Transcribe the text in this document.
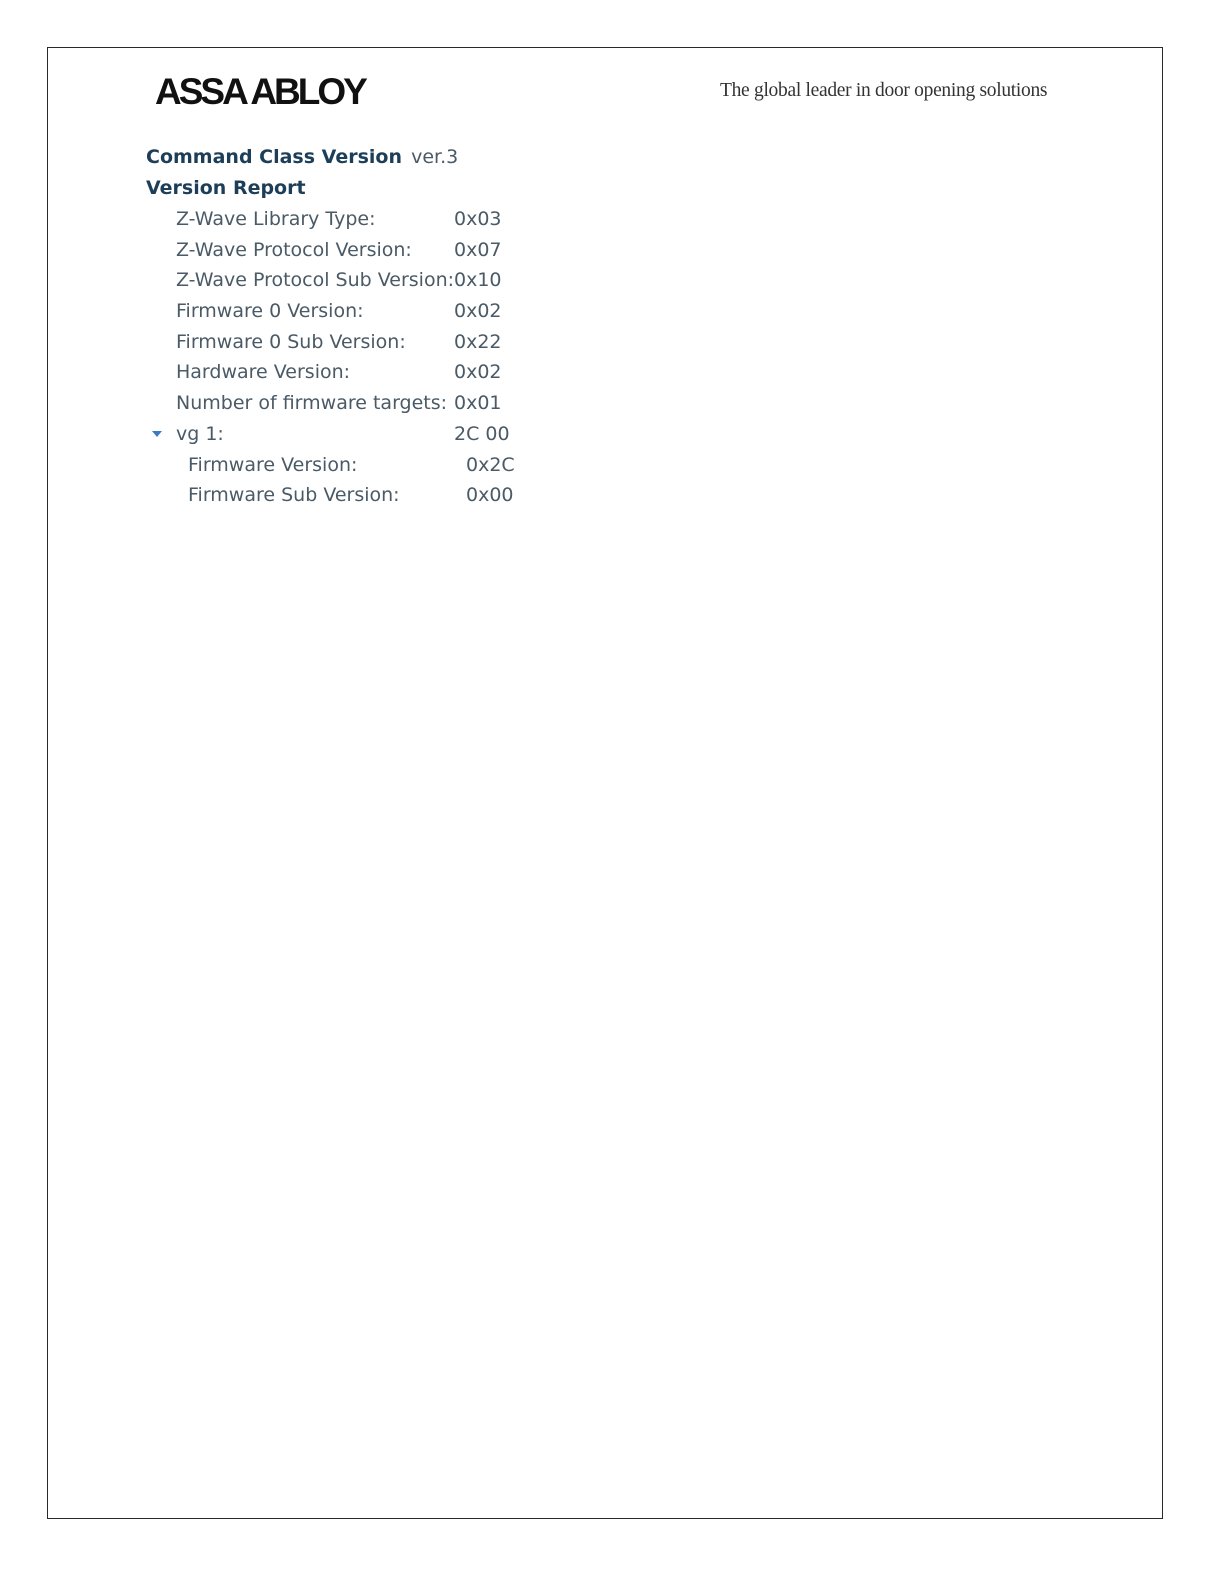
ASSA ABLOY	The global leader in door opening solutions
Command Class Version ver.3
Version Report
Z-Wave Library Type:	0x03
Z-Wave Protocol Version: 0x07
Z-Wave Protocol Sub Version: 0x10
Firmware 0 Version:	0x02
Firmware 0 Sub Version:	0x22
Hardware Version:	0x02
Number of firmware targets: 0x01
vg 1:	2C 00
Firmware Version:	0x2C
Firmware Sub Version:	0x00
